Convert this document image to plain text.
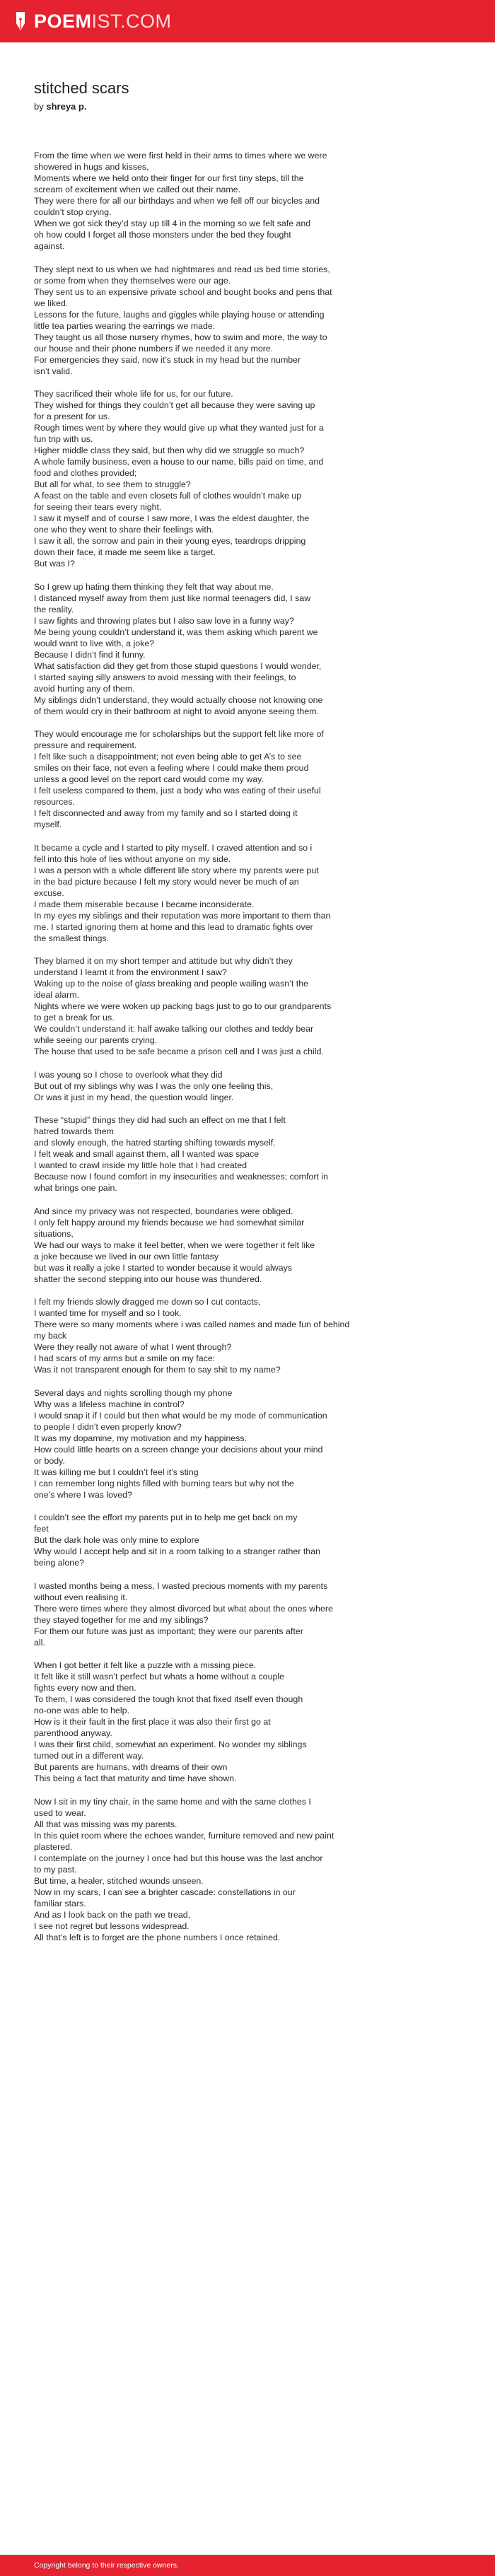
POEMIST.COM
stitched scars
by shreya p.
From the time when we were first held in their arms to times where we were
showered in hugs and kisses,
Moments where we held onto their finger for our first tiny steps, till the
scream of excitement when we called out their name.
They were there for all our birthdays and when we fell off our bicycles and
couldn’t stop crying.
When we got sick they’d stay up till 4 in the morning so we felt safe and
oh how could I forget all those monsters under the bed they fought
against.
They slept next to us when we had nightmares and read us bed time stories,
or some from when they themselves were our age.
They sent us to an expensive private school and bought books and pens that
we liked.
Lessons for the future, laughs and giggles while playing house or attending
little tea parties wearing the earrings we made.
They taught us all those nursery rhymes, how to swim and more, the way to
our house and their phone numbers if we needed it any more.
For emergencies they said, now it’s stuck in my head but the number
isn’t valid.
They sacrificed their whole life for us, for our future.
They wished for things they couldn’t get all because they were saving up
for a present for us.
Rough times went by where they would give up what they wanted just for a
fun trip with us.
Higher middle class they said, but then why did we struggle so much?
A whole family business, even a house to our name, bills paid on time, and
food and clothes provided;
But all for what, to see them to struggle?
A feast on the table and even closets full of clothes wouldn’t make up
for seeing their tears every night.
I saw it myself and of course I saw more, I was the eldest daughter, the
one who they went to share their feelings with.
I saw it all, the sorrow and pain in their young eyes, teardrops dripping
down their face, it made me seem like a target.
But was I?
So I grew up hating them thinking they felt that way about me.
I distanced myself away from them just like normal teenagers did, I saw
the reality.
I saw fights and throwing plates but I also saw love in a funny way?
Me being young couldn’t understand it, was them asking which parent we
would want to live with, a joke?
Because I didn’t find it funny.
What satisfaction did they get from those stupid questions I would wonder,
I started saying silly answers to avoid messing with their feelings, to
avoid hurting any of them.
My siblings didn’t understand, they would actually choose not knowing one
of them would cry in their bathroom at night to avoid anyone seeing them.
They would encourage me for scholarships but the support felt like more of
pressure and requirement.
I felt like such a disappointment; not even being able to get A’s to see
smiles on their face, not even a feeling where I could make them proud
unless a good level on the report card would come my way.
I felt useless compared to them, just a body who was eating of their useful
resources.
I felt disconnected and away from my family and so I started doing it
myself.
It became a cycle and I started to pity myself. I craved attention and so i
fell into this hole of lies without anyone on my side.
I was a person with a whole different life story where my parents were put
in the bad picture because I felt my story would never be much of an
excuse.
I made them miserable because I became inconsiderate.
In my eyes my siblings and their reputation was more important to them than
me. I started ignoring them at home and this lead to dramatic fights over
the smallest things.
They blamed it on my short temper and attitude but why didn’t they
understand I learnt it from the environment I saw?
Waking up to the noise of glass breaking and people wailing wasn’t the
ideal alarm.
Nights where we were woken up packing bags just to go to our grandparents
to get a break for us.
We couldn’t understand it: half awake talking our clothes and teddy bear
while seeing our parents crying.
The house that used to be safe became a prison cell and I was just a child.
I was young so I chose to overlook what they did
But out of my siblings why was I was the only one feeling this,
Or was it just in my head, the question would linger.
These “stupid” things they did had such an effect on me that I felt
hatred towards them
and slowly enough, the hatred starting shifting towards myself.
I felt weak and small against them, all I wanted was space
I wanted to crawl inside my little hole that I had created
Because now I found comfort in my insecurities and weaknesses; comfort in
what brings one pain.
And since my privacy was not respected, boundaries were obliged.
I only felt happy around my friends because we had somewhat similar
situations,
We had our ways to make it feel better, when we were together it felt like
a joke because we lived in our own little fantasy
but was it really a joke I started to wonder because it would always
shatter the second stepping into our house was thundered.
I felt my friends slowly dragged me down so I cut contacts,
I wanted time for myself and so I took.
There were so many moments where i was called names and made fun of behind
my back
Were they really not aware of what I went through?
I had scars of my arms but a smile on my face:
Was it not transparent enough for them to say shit to my name?
Several days and nights scrolling though my phone
Why was a lifeless machine in control?
I would snap it if I could but then what would be my mode of communication
to people I didn’t even properly know?
It was my dopamine, my motivation and my happiness.
How could little hearts on a screen change your decisions about your mind
or body.
It was killing me but I couldn’t feel it’s sting
I can remember long nights filled with burning tears but why not the
one’s where I was loved?
I couldn’t see the effort my parents put in to help me get back on my
feet
But the dark hole was only mine to explore
Why would I accept help and sit in a room talking to a stranger rather than
being alone?
I wasted months being a mess, I wasted precious moments with my parents
without even realising it.
There were times where they almost divorced but what about the ones where
they stayed together for me and my siblings?
For them our future was just as important; they were our parents after
all.
When I got better it felt like a puzzle with a missing piece.
It felt like it still wasn’t perfect but whats a home without a couple
fights every now and then.
To them, I was considered the tough knot that fixed itself even though
no-one was able to help.
How is it their fault in the first place it was also their first go at
parenthood anyway.
I was their first child, somewhat an experiment. No wonder my siblings
turned out in a different way.
But parents are humans, with dreams of their own
This being a fact that maturity and time have shown.
Now I sit in my tiny chair, in the same home and with the same clothes I
used to wear.
All that was missing was my parents.
In this quiet room where the echoes wander, furniture removed and new paint
plastered.
I contemplate on the journey I once had but this house was the last anchor
to my past.
But time, a healer, stitched wounds unseen.
Now in my scars, I can see a brighter cascade: constellations in our
familiar stars.
And as I look back on the path we tread,
I see not regret but lessons widespread.
All that’s left is to forget are the phone numbers I once retained.
Copyright belong to their respective owners.
